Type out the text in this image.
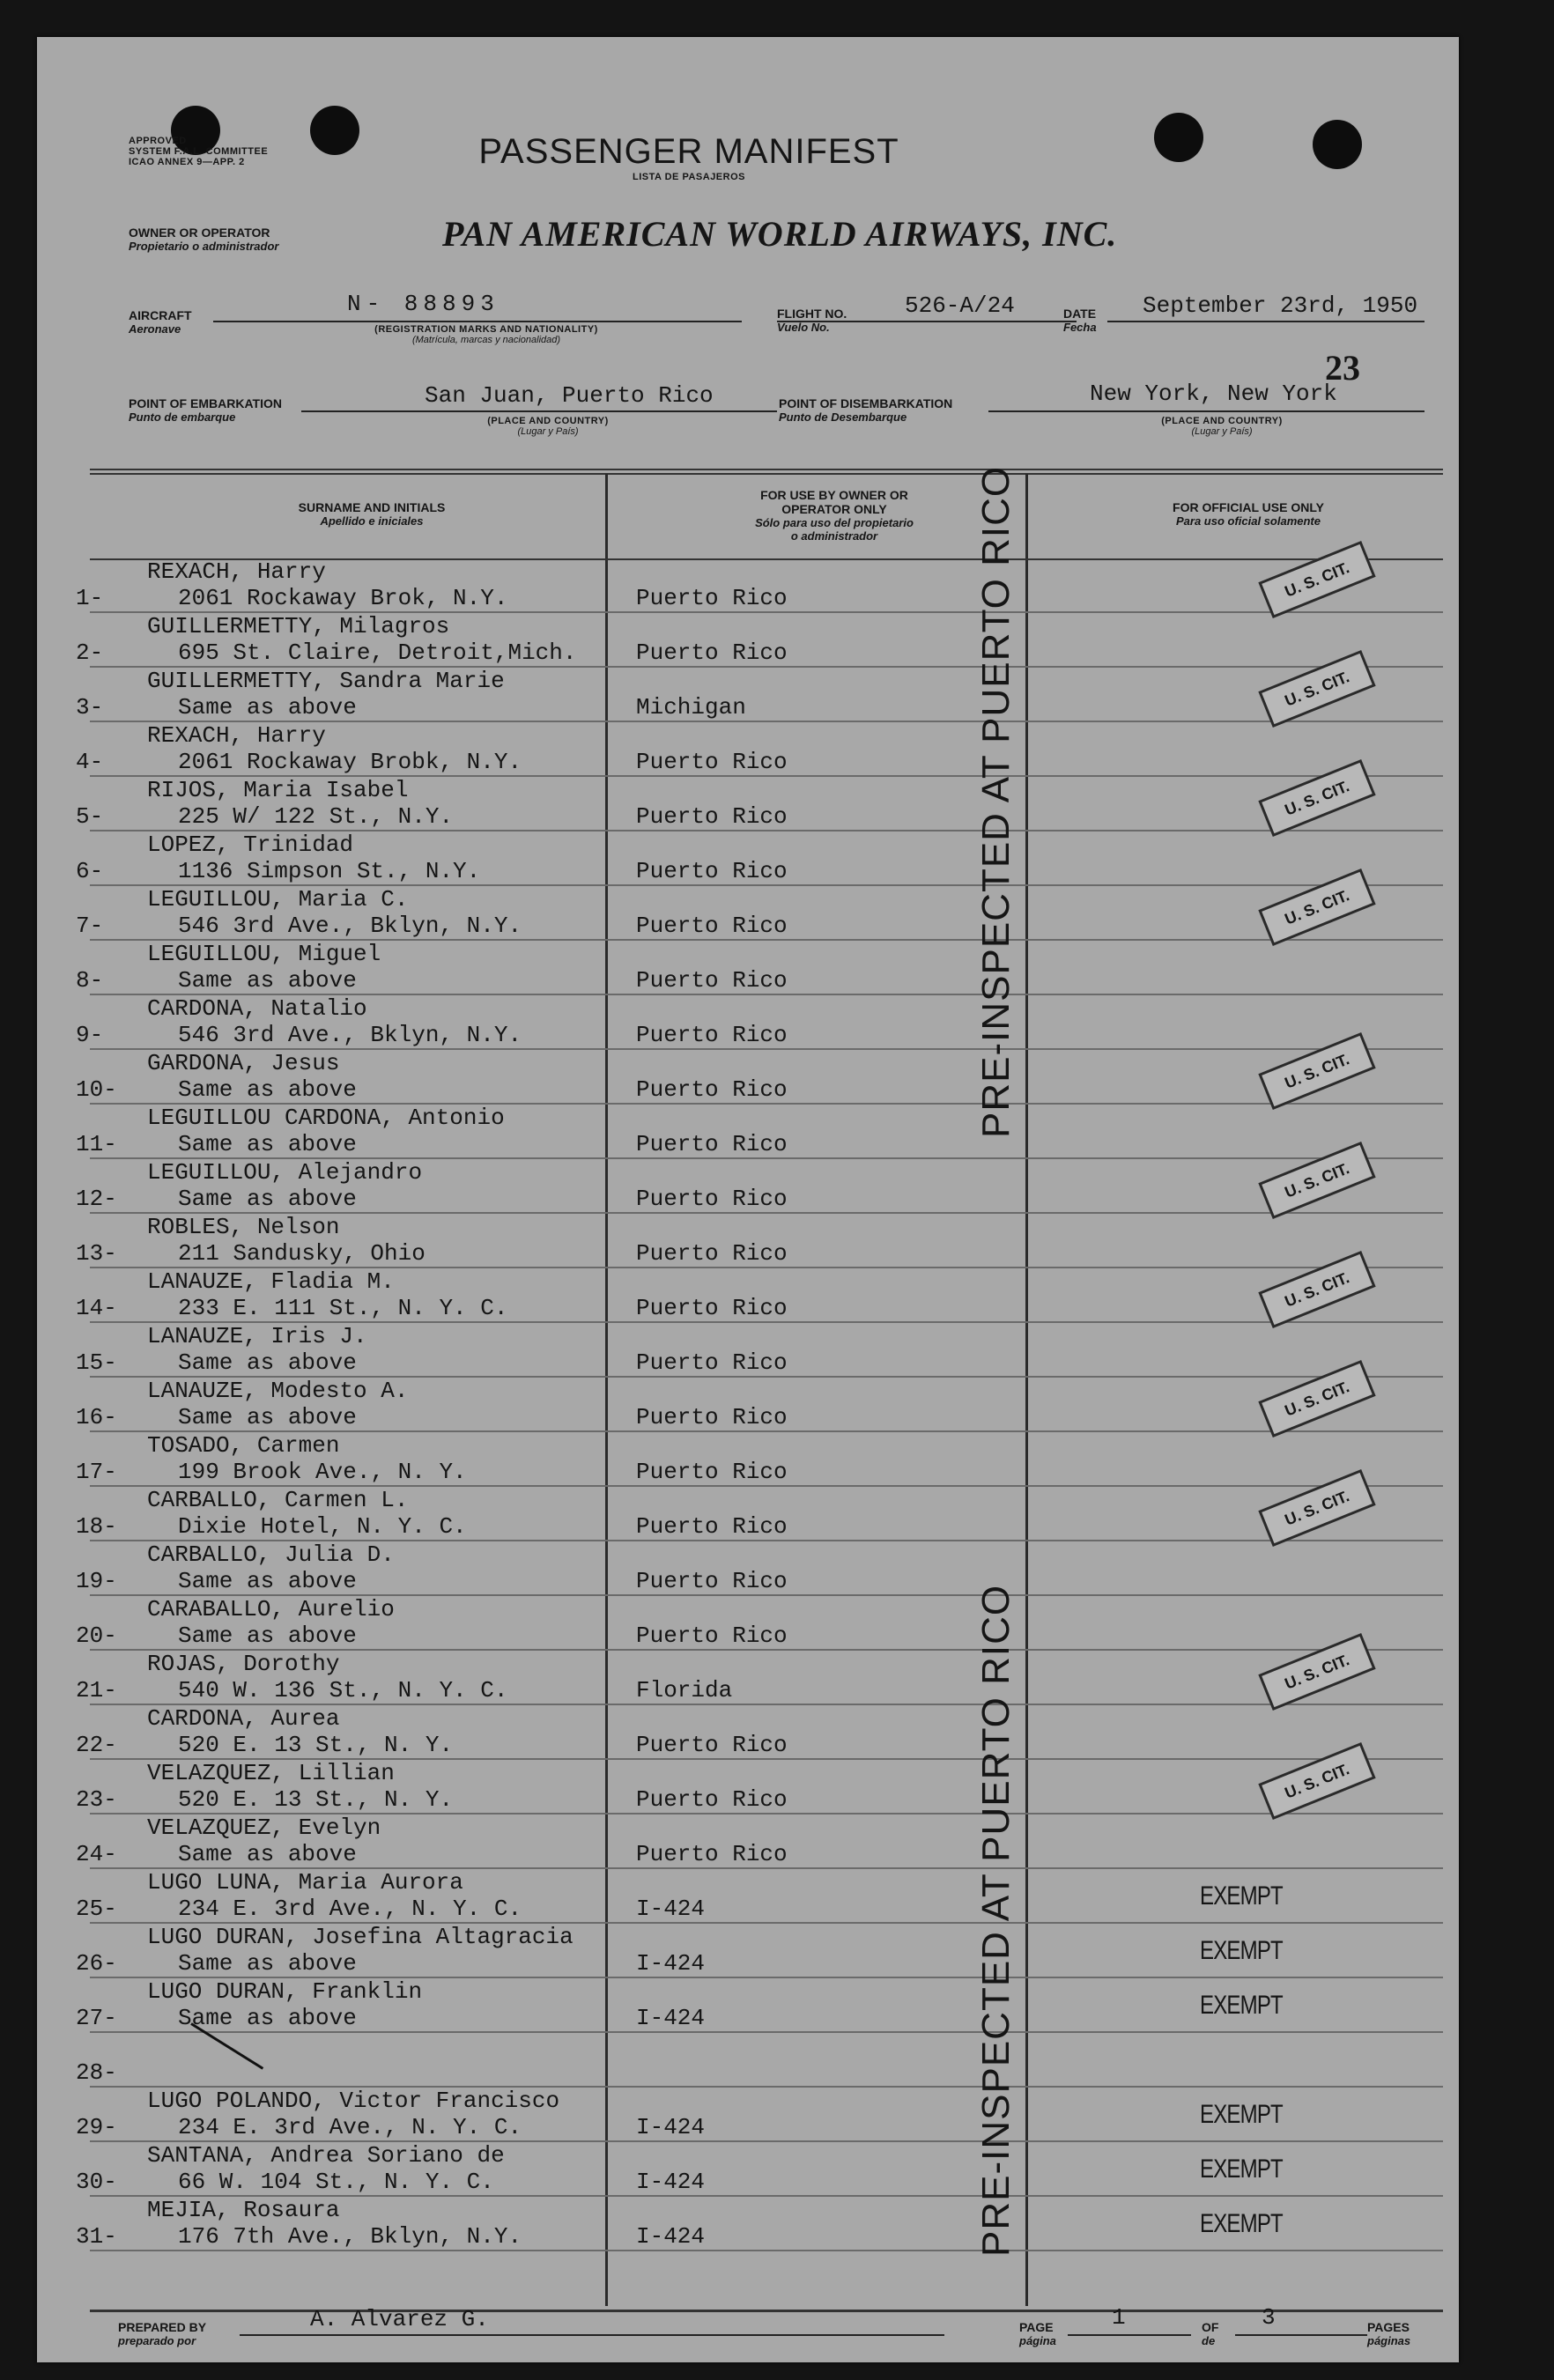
APPROVED
SYSTEM F.A.L. COMMITTEE
ICAO ANNEX 9—APP. 2	PASSENGER MANIFEST
LISTA DE PASAJEROS
OWNER OR OPERATOR
Propietario o administrador	PAN AMERICAN WORLD AIRWAYS, INC.
AIRCRAFT
Aeronave
N- 88893
(REGISTRATION MARKS AND NATIONALITY)
(Matrícula, marcas y nacionalidad)
FLIGHT NO.
Vuelo No.
526-A/24	DATE
Fecha
September 23rd, 1950
23
POINT OF EMBARKATION
Punto de embarque
San Juan, Puerto Rico
(PLACE AND COUNTRY)
(Lugar y País)
POINT OF DISEMBARKATION
Punto de Desembarque
New York, New York
(PLACE AND COUNTRY)
(Lugar y País)
SURNAME AND INITIALS
Apellido e iniciales
FOR USE BY OWNER OR OPERATOR ONLY
Sólo para uso del propietario o administrador
FOR OFFICIAL USE ONLY
Para uso oficial solamente
1-
REXACH, Harry
2061 Rockaway Brok, N.Y.	Puerto Rico	U. S. CIT.
2-
GUILLERMETTY, Milagros
695 St. Claire, Detroit,Mich.	Puerto Rico
3-
GUILLERMETTY, Sandra Marie
Same as above	Michigan	U. S. CIT.
4-
REXACH, Harry
2061 Rockaway Brobk, N.Y.	Puerto Rico
5-
RIJOS, Maria Isabel
225 W/ 122 St., N.Y.	Puerto Rico	U. S. CIT.
6-
LOPEZ, Trinidad
1136 Simpson St., N.Y.	Puerto Rico
7-
LEGUILLOU, Maria C.
546 3rd Ave., Bklyn, N.Y.	Puerto Rico	U. S. CIT.
8-
LEGUILLOU, Miguel
Same as above	Puerto Rico
9-
CARDONA, Natalio
546 3rd Ave., Bklyn, N.Y.	Puerto Rico
10-
GARDONA, Jesus
Same as above	Puerto Rico	U. S. CIT.
11-
LEGUILLOU CARDONA, Antonio
Same as above	Puerto Rico
12-
LEGUILLOU, Alejandro
Same as above	Puerto Rico	U. S. CIT.
13-
ROBLES, Nelson
211 Sandusky, Ohio	Puerto Rico
14-
LANAUZE, Fladia M.
233 E. 111 St., N. Y. C.	Puerto Rico	U. S. CIT.
15-
LANAUZE, Iris J.
Same as above	Puerto Rico
16-
LANAUZE, Modesto A.
Same as above	Puerto Rico	U. S. CIT.
17-
TOSADO, Carmen
199 Brook Ave., N. Y.	Puerto Rico
18-
CARBALLO, Carmen L.
Dixie Hotel, N. Y. C.	Puerto Rico	U. S. CIT.
19-
CARBALLO, Julia D.
Same as above	Puerto Rico
20-
CARABALLO, Aurelio
Same as above	Puerto Rico
21-
ROJAS, Dorothy
540 W. 136 St., N. Y. C.	Florida	U. S. CIT.
22-
CARDONA, Aurea
520 E. 13 St., N. Y.	Puerto Rico
23-
VELAZQUEZ, Lillian
520 E. 13 St., N. Y.	Puerto Rico	U. S. CIT.
24-
VELAZQUEZ, Evelyn
Same as above	Puerto Rico
25-
LUGO LUNA, Maria Aurora
234 E. 3rd Ave., N. Y. C.	I-424	EXEMPT
26-
LUGO DURAN, Josefina Altagracia
Same as above	I-424	EXEMPT
27-
LUGO DURAN, Franklin
Same as above	I-424	EXEMPT
28-
29-
LUGO POLANDO, Victor Francisco
234 E. 3rd Ave., N. Y. C.	I-424	EXEMPT
30-
SANTANA, Andrea Soriano de
66 W. 104 St., N. Y. C.	I-424	EXEMPT
31-
MEJIA, Rosaura
176 7th Ave., Bklyn, N.Y.	I-424	EXEMPT
PRE-INSPECTED AT PUERTO RICO
PRE-INSPECTED AT PUERTO RICO
PREPARED BY
preparado por
A. Alvarez G.	PAGE
página
1	OF
de
3	PAGES
páginas
